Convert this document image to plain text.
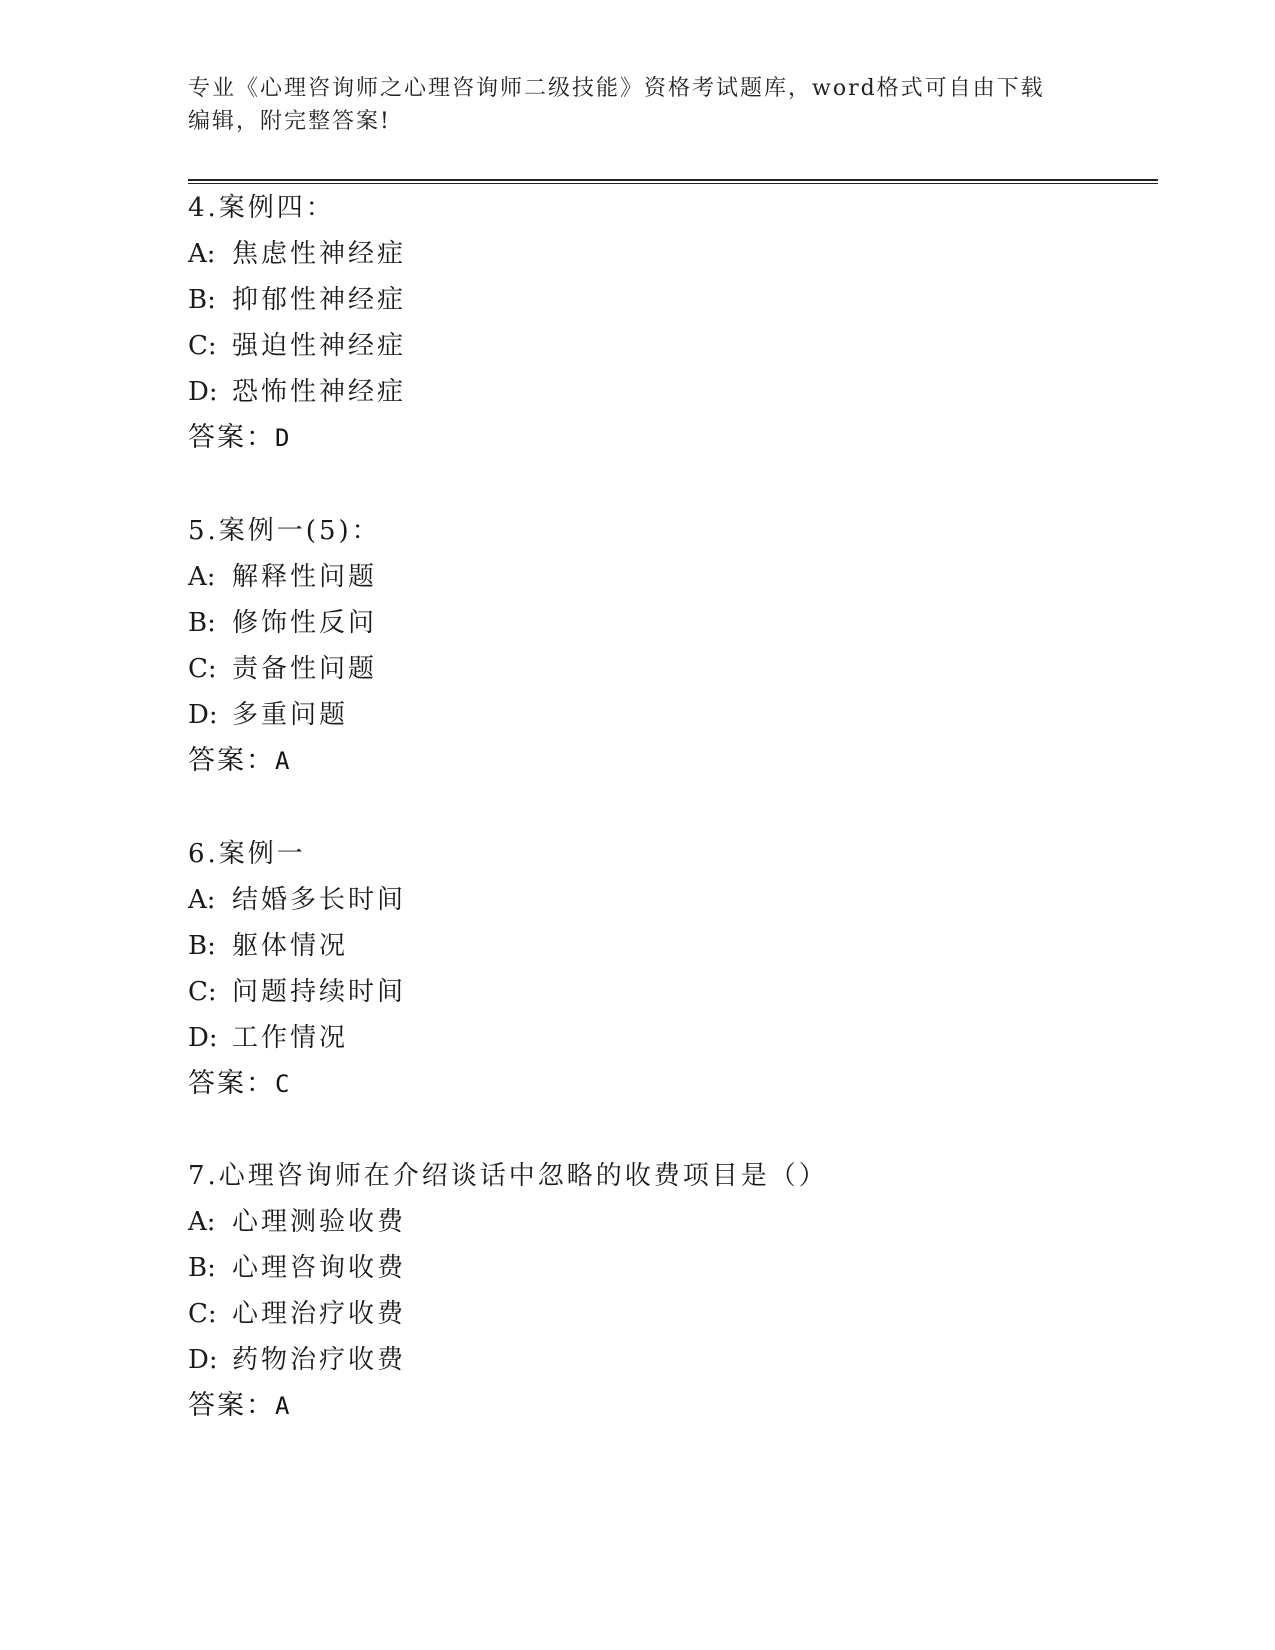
专业《心理咨询师之心理咨询师二级技能》资格考试题库，word格式可自由下载
编辑，附完整答案!
4.案例四：
A: 焦虑性神经症
B: 抑郁性神经症
C: 强迫性神经症
D: 恐怖性神经症
答案：D
5.案例一(5)：
A: 解释性问题
B: 修饰性反问
C: 责备性问题
D: 多重问题
答案：A
6.案例一
A: 结婚多长时间
B: 躯体情况
C: 问题持续时间
D: 工作情况
答案：C
7.心理咨询师在介绍谈话中忽略的收费项目是（）
A: 心理测验收费
B: 心理咨询收费
C: 心理治疗收费
D: 药物治疗收费
答案：A
